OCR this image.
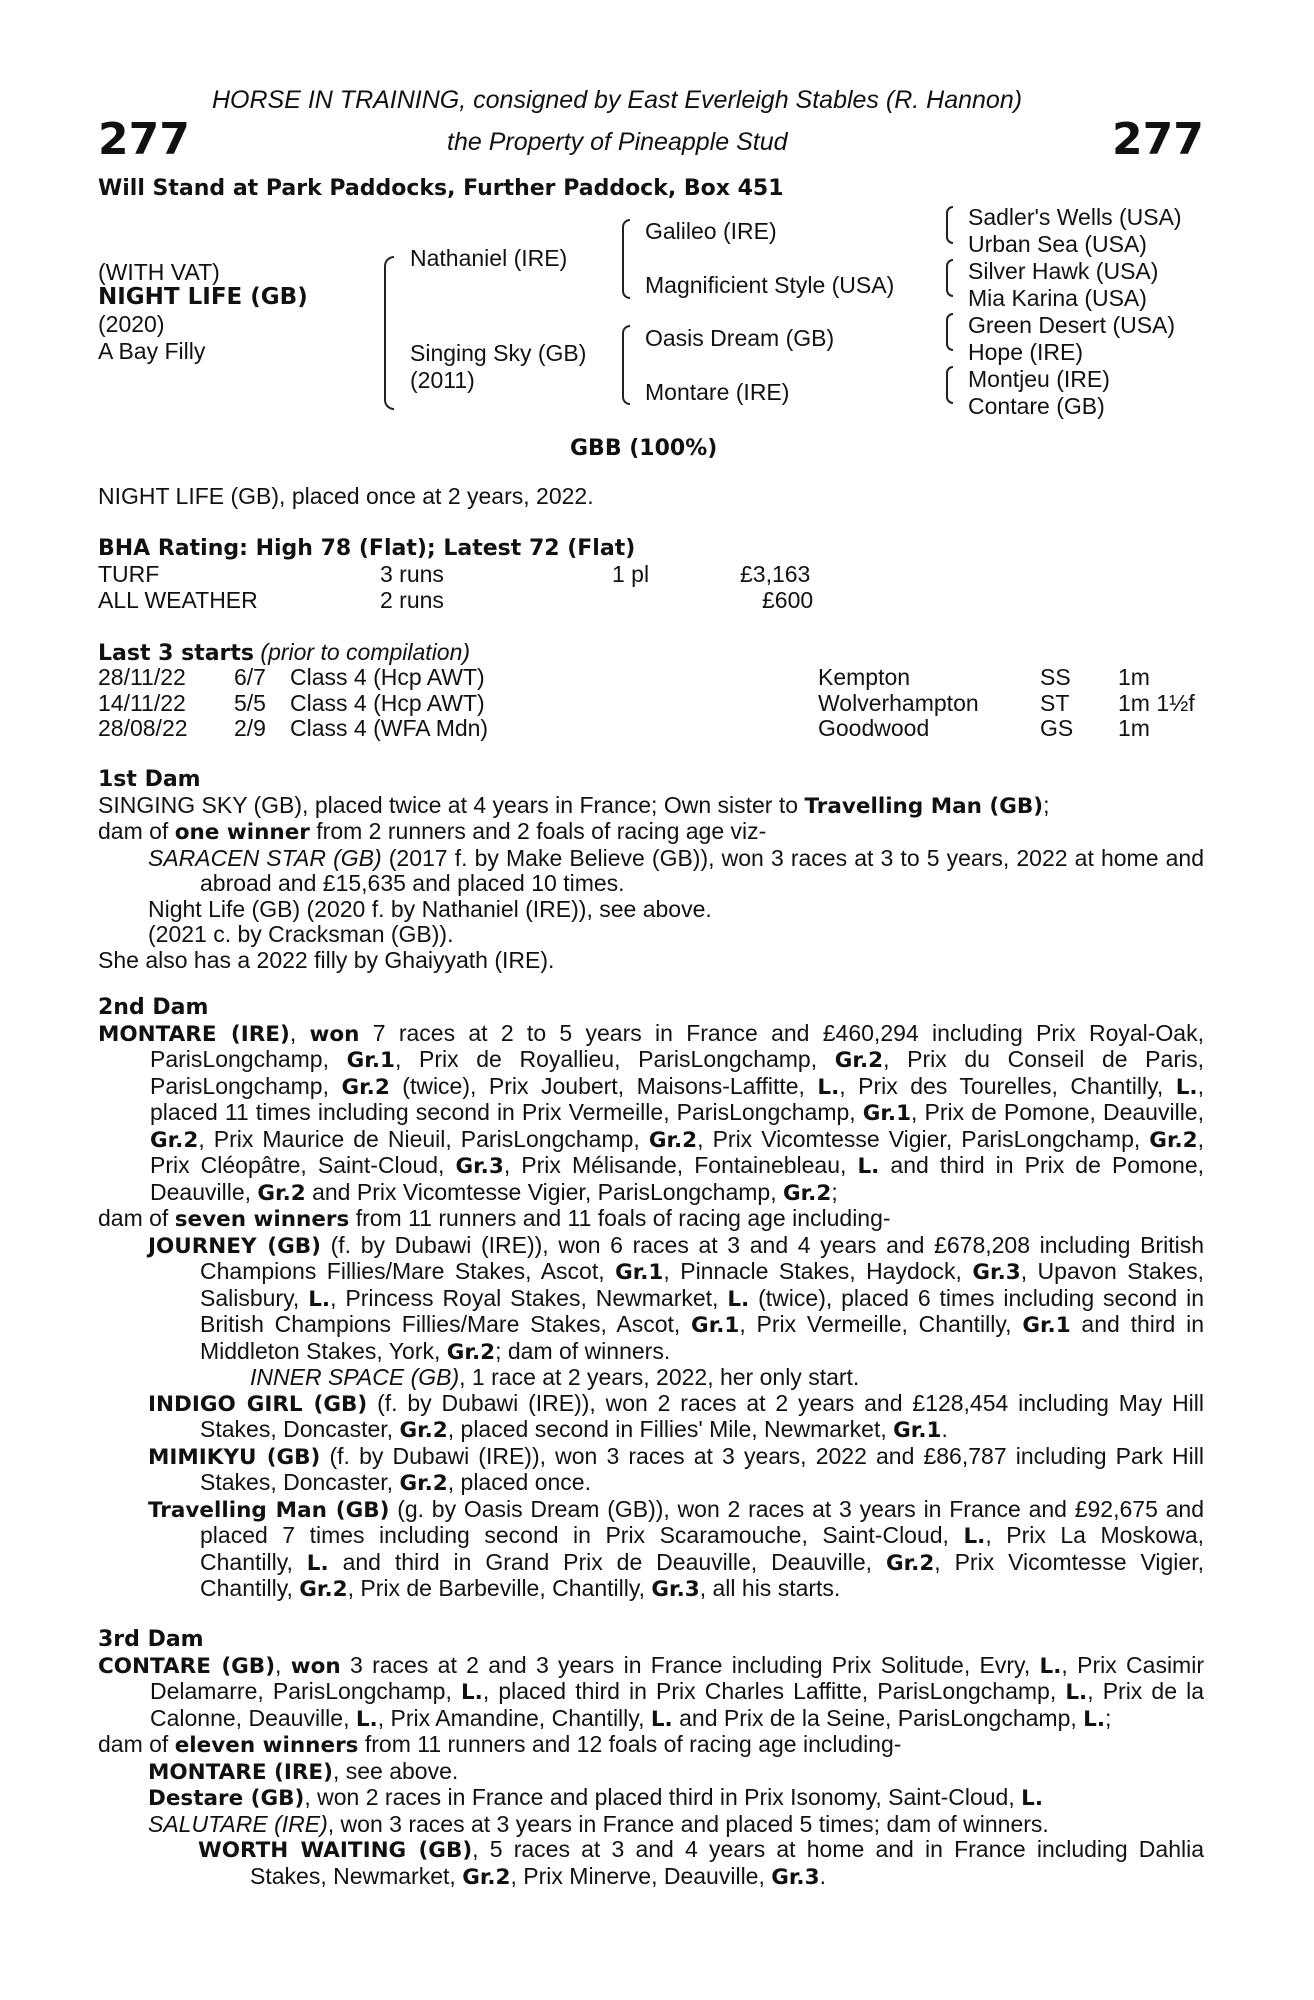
HORSE IN TRAINING, consigned by East Everleigh Stables (R. Hannon)
277	the Property of Pineapple Stud	277
Will Stand at Park Paddocks, Further Paddock, Box 451
(WITH VAT)
NIGHT LIFE (GB)
(2020)
A Bay Filly
Nathaniel (IRE)
Singing Sky (GB)
(2011)
Galileo (IRE)
Magnificient Style (USA)
Oasis Dream (GB)
Montare (IRE)
Sadler's Wells (USA)
Urban Sea (USA)
Silver Hawk (USA)
Mia Karina (USA)
Green Desert (USA)
Hope (IRE)
Montjeu (IRE)
Contare (GB)
GBB (100%)
NIGHT LIFE (GB), placed once at 2 years, 2022.
BHA Rating: High 78 (Flat); Latest 72 (Flat)
TURF	3 runs	1 pl	£3,163
ALL WEATHER	2 runs	£600
Last 3 starts (prior to compilation)
28/11/22 6/7 Class 4 (Hcp AWT)	Kempton	SS 1m
14/11/22 5/5 Class 4 (Hcp AWT)	Wolverhampton	ST 1m 1½f
28/08/22 2/9 Class 4 (WFA Mdn)	Goodwood	GS 1m

1st Dam

SINGING SKY (GB), placed twice at 4 years in France; Own sister to Travelling Man (GB);

dam of one winner from 2 runners and 2 foals of racing age viz-

SARACEN STAR (GB) (2017 f. by Make Believe (GB)), won 3 races at 3 to 5 years, 2022 at home and abroad and £15,635 and placed 10 times.

Night Life (GB) (2020 f. by Nathaniel (IRE)), see above.

(2021 c. by Cracksman (GB)).

She also has a 2022 filly by Ghaiyyath (IRE).

2nd Dam

MONTARE (IRE), won 7 races at 2 to 5 years in France and £460,294 including Prix Royal-Oak, ParisLongchamp, Gr.1, Prix de Royallieu, ParisLongchamp, Gr.2, Prix du Conseil de Paris, ParisLongchamp, Gr.2 (twice), Prix Joubert, Maisons-Laffitte, L., Prix des Tourelles, Chantilly, L., placed 11 times including second in Prix Vermeille, ParisLongchamp, Gr.1, Prix de Pomone, Deauville, Gr.2, Prix Maurice de Nieuil, ParisLongchamp, Gr.2, Prix Vicomtesse Vigier, ParisLongchamp, Gr.2, Prix Cléopâtre, Saint-Cloud, Gr.3, Prix Mélisande, Fontainebleau, L. and third in Prix de Pomone, Deauville, Gr.2 and Prix Vicomtesse Vigier, ParisLongchamp, Gr.2;

dam of seven winners from 11 runners and 11 foals of racing age including-

JOURNEY (GB) (f. by Dubawi (IRE)), won 6 races at 3 and 4 years and £678,208 including British Champions Fillies/Mare Stakes, Ascot, Gr.1, Pinnacle Stakes, Haydock, Gr.3, Upavon Stakes, Salisbury, L., Princess Royal Stakes, Newmarket, L. (twice), placed 6 times including second in British Champions Fillies/Mare Stakes, Ascot, Gr.1, Prix Vermeille, Chantilly, Gr.1 and third in Middleton Stakes, York, Gr.2; dam of winners.

INNER SPACE (GB), 1 race at 2 years, 2022, her only start.

INDIGO GIRL (GB) (f. by Dubawi (IRE)), won 2 races at 2 years and £128,454 including May Hill Stakes, Doncaster, Gr.2, placed second in Fillies' Mile, Newmarket, Gr.1.

MIMIKYU (GB) (f. by Dubawi (IRE)), won 3 races at 3 years, 2022 and £86,787 including Park Hill Stakes, Doncaster, Gr.2, placed once.

Travelling Man (GB) (g. by Oasis Dream (GB)), won 2 races at 3 years in France and £92,675 and placed 7 times including second in Prix Scaramouche, Saint-Cloud, L., Prix La Moskowa, Chantilly, L. and third in Grand Prix de Deauville, Deauville, Gr.2, Prix Vicomtesse Vigier, Chantilly, Gr.2, Prix de Barbeville, Chantilly, Gr.3, all his starts.

3rd Dam

CONTARE (GB), won 3 races at 2 and 3 years in France including Prix Solitude, Evry, L., Prix Casimir Delamarre, ParisLongchamp, L., placed third in Prix Charles Laffitte, ParisLongchamp, L., Prix de la Calonne, Deauville, L., Prix Amandine, Chantilly, L. and Prix de la Seine, ParisLongchamp, L.;

dam of eleven winners from 11 runners and 12 foals of racing age including-

MONTARE (IRE), see above.

Destare (GB), won 2 races in France and placed third in Prix Isonomy, Saint-Cloud, L.

SALUTARE (IRE), won 3 races at 3 years in France and placed 5 times; dam of winners.

WORTH WAITING (GB), 5 races at 3 and 4 years at home and in France including Dahlia Stakes, Newmarket, Gr.2, Prix Minerve, Deauville, Gr.3.
